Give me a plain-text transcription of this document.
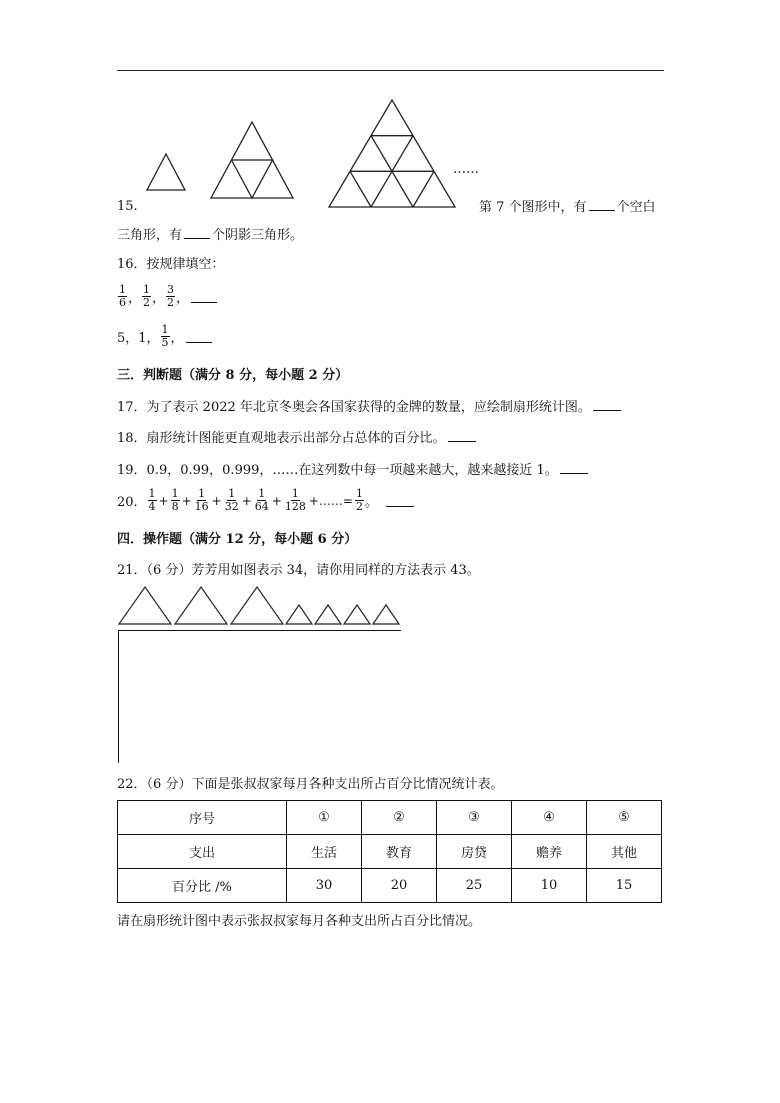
……
15.	第 7 个图形中，有 个空白
三角形，有 个阴影三角形。
16．按规律填空：
$\frac{1}{6}$ ， $\frac{1}{2}$ ， $\frac{3}{2}$ ，
5，1， $\frac{1}{5}$ ，
三．判断题（满分 8 分，每小题 2 分）
17．为了表示 2022 年北京冬奥会各国家获得的金牌的数量，应绘制扇形统计图。
18．扇形统计图能更直观地表示出部分占总体的百分比。
19．0.9，0.99，0.999，……在这列数中每一项越来越大，越来越接近 1。
20． $\frac{1}{4} + \frac{1}{8} + \frac{1}{16} + \frac{1}{32} + \frac{1}{64} + \frac{1}{128}$ +……= $\frac{1}{2}$ 。
四．操作题（满分 12 分，每小题 6 分）
21．（6 分）芳芳用如图表示 34，请你用同样的方法表示 43。
22．（6 分）下面是张叔叔家每月各种支出所占百分比情况统计表。
序号	①	②	③	④	⑤
支出	生活	教育	房贷	赡养	其他
百分比 /%	30	20	25	10	15
请在扇形统计图中表示张叔叔家每月各种支出所占百分比情况。
